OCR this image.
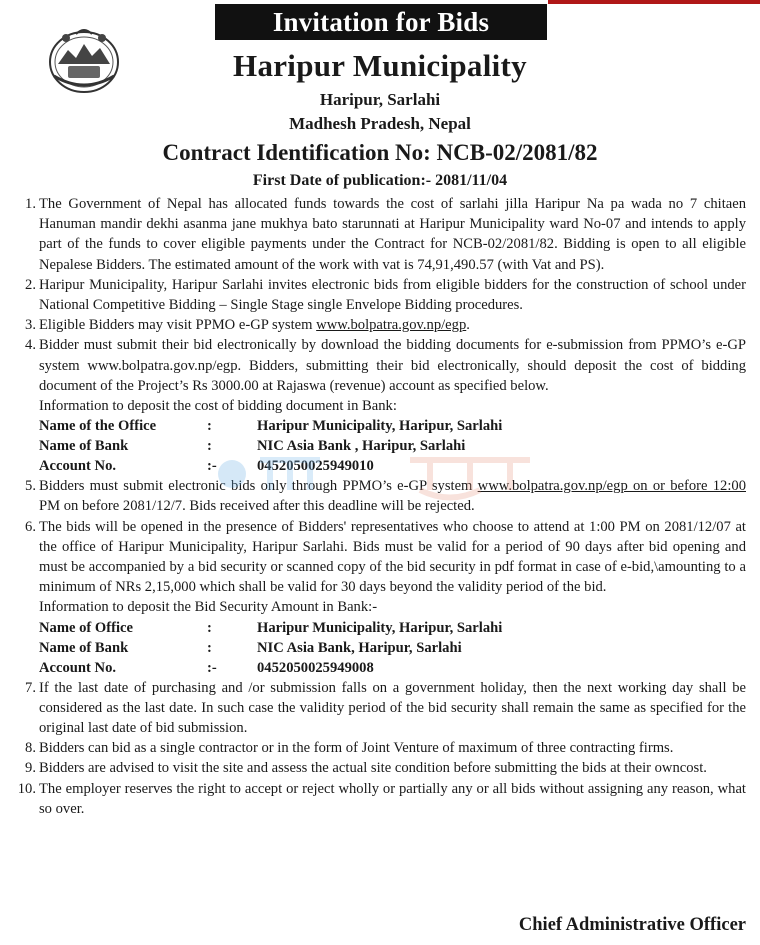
Invitation for Bids
Haripur Municipality
Haripur, Sarlahi
Madhesh Pradesh, Nepal
Contract Identification No: NCB-02/2081/82
First Date of publication:- 2081/11/04
1. The Government of Nepal has allocated funds towards the cost of sarlahi jilla Haripur Na pa wada no 7 chitaen Hanuman mandir dekhi asanma jane mukhya bato starunnati at Haripur Municipality ward No-07 and intends to apply part of the funds to cover eligible payments under the Contract for NCB-02/2081/82. Bidding is open to all eligible Nepalese Bidders. The estimated amount of the work with vat is 74,91,490.57 (with Vat and PS).
2. Haripur Municipality, Haripur Sarlahi invites electronic bids from eligible bidders for the construction of school under National Competitive Bidding – Single Stage single Envelope Bidding procedures.
3. Eligible Bidders may visit PPMO e-GP system www.bolpatra.gov.np/egp.
4. Bidder must submit their bid electronically by download the bidding documents for e-submission from PPMO’s e-GP system www.bolpatra.gov.np/egp. Bidders, submitting their bid electronically, should deposit the cost of bidding document of the Project’s Rs 3000.00 at Rajaswa (revenue) account as specified below.
Information to deposit the cost of bidding document in Bank:
Name of the Office	:	Haripur Municipality, Haripur, Sarlahi
Name of Bank	:	NIC Asia Bank , Haripur, Sarlahi
Account No.	:-	0452050025949010
5. Bidders must submit electronic bids only through PPMO’s e-GP system www.bolpatra.gov.np/egp on or before 12:00 PM on before 2081/12/7. Bids received after this deadline will be rejected.
6. The bids will be opened in the presence of Bidders' representatives who choose to attend at 1:00 PM on 2081/12/07 at the office of Haripur Municipality, Haripur Sarlahi. Bids must be valid for a period of 90 days after bid opening and must be accompanied by a bid security or scanned copy of the bid security in pdf format in case of e-bid,\amounting to a minimum of NRs 2,15,000 which shall be valid for 30 days beyond the validity period of the bid.
Information to deposit the Bid Security Amount in Bank:-
Name of Office	:	Haripur Municipality, Haripur, Sarlahi
Name of Bank	:	NIC Asia Bank, Haripur, Sarlahi
Account No.	:-	0452050025949008
7. If the last date of purchasing and /or submission falls on a government holiday, then the next working day shall be considered as the last date. In such case the validity period of the bid security shall remain the same as specified for the original last date of bid submission.
8. Bidders can bid as a single contractor or in the form of Joint Venture of maximum of three contracting firms.
9. Bidders are advised to visit the site and assess the actual site condition before submitting the bids at their owncost.
10. The employer reserves the right to accept or reject wholly or partially any or all bids without assigning any reason, what so over.
Chief Administrative Officer
